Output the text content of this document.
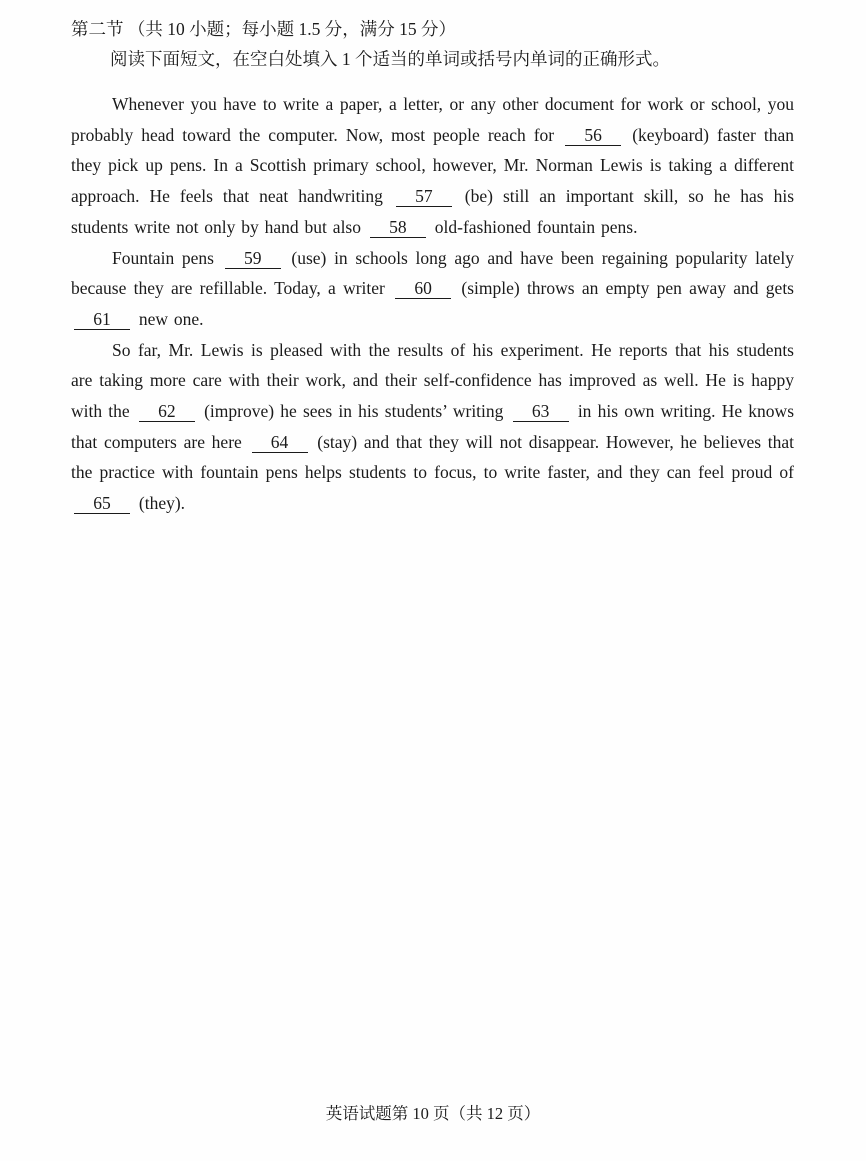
第二节 （共 10 小题；每小题 1.5 分，满分 15 分）

阅读下面短文，在空白处填入 1 个适当的单词或括号内单词的正确形式。

Whenever you have to write a paper, a letter, or any other document for work or school, you probably head toward the computer. Now, most people reach for 56 (keyboard) faster than they pick up pens. In a Scottish primary school, however, Mr. Norman Lewis is taking a different approach. He feels that neat handwriting 57 (be) still an important skill, so he has his students write not only by hand but also 58 old-fashioned fountain pens.

Fountain pens 59 (use) in schools long ago and have been regaining popularity lately because they are refillable. Today, a writer 60 (simple) throws an empty pen away and gets 61 new one.

So far, Mr. Lewis is pleased with the results of his experiment. He reports that his students are taking more care with their work, and their self-confidence has improved as well. He is happy with the 62 (improve) he sees in his students’ writing 63 in his own writing. He knows that computers are here 64 (stay) and that they will not disappear. However, he believes that the practice with fountain pens helps students to focus, to write faster, and they can feel proud of 65 (they).

英语试题第 10 页（共 12 页）
